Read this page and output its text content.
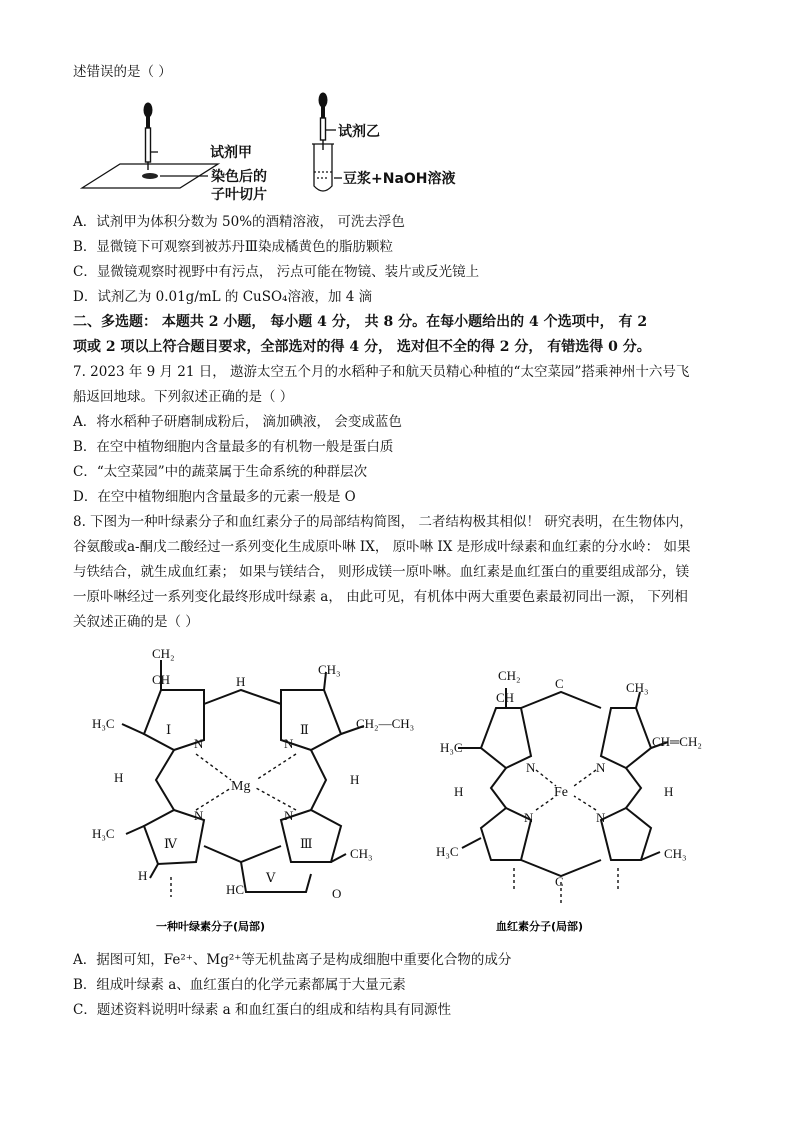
述错误的是（ ）
试剂甲
染色后的
子叶切片
试剂乙
豆浆+NaOH溶液
A．试剂甲为体积分数为 50%的酒精溶液， 可洗去浮色
B．显微镜下可观察到被苏丹Ⅲ染成橘黄色的脂肪颗粒
C．显微镜观察时视野中有污点， 污点可能在物镜、装片或反光镜上
D．试剂乙为 0.01g/mL 的 CuSO₄溶液，加 4 滴
二、多选题： 本题共 2 小题， 每小题 4 分， 共 8 分。在每小题给出的 4 个选项中， 有 2
项或 2 项以上符合题目要求，全部选对的得 4 分， 选对但不全的得 2 分， 有错选得 0 分。
7. 2023 年 9 月 21 日， 遨游太空五个月的水稻种子和航天员精心种植的“太空菜园”搭乘神州十六号飞
船返回地球。下列叙述正确的是（ ）
A．将水稻种子研磨制成粉后， 滴加碘液， 会变成蓝色
B．在空中植物细胞内含量最多的有机物一般是蛋白质
C．“太空菜园”中的蔬菜属于生命系统的种群层次
D．在空中植物细胞内含量最多的元素一般是 O
8. 下图为一种叶绿素分子和血红素分子的局部结构简图， 二者结构极其相似！ 研究表明，在生物体内，
谷氨酸或a-酮戊二酸经过一系列变化生成原卟啉 IX， 原卟啉 IX 是形成叶绿素和血红素的分水岭： 如果
与铁结合，就生成血红素； 如果与镁结合， 则形成镁一原卟啉。血红素是血红蛋白的重要组成部分，镁
一原卟啉经过一系列变化最终形成叶绿素 a， 由此可见，有机体中两大重要色素最初同出一源， 下列相
关叙述正确的是（ ）
CH₂
CH
H₃C	Ⅰ
H
CH₃
Ⅱ	CH₂—CH₃
N	N
Mg
H	H
N	N
H₃C
Ⅳ	Ⅲ
CH₃
H	Ⅴ
HC	O
一种叶绿素分子(局部)
CH₂
CH
H₃C
C	CH₃
CH═CH₂
N	N
Fe
H	H
N	N
H₃C	CH₃
C
血红素分子(局部)
A．据图可知，Fe²⁺、Mg²⁺等无机盐离子是构成细胞中重要化合物的成分
B．组成叶绿素 a、血红蛋白的化学元素都属于大量元素
C．题述资料说明叶绿素 a 和血红蛋白的组成和结构具有同源性
